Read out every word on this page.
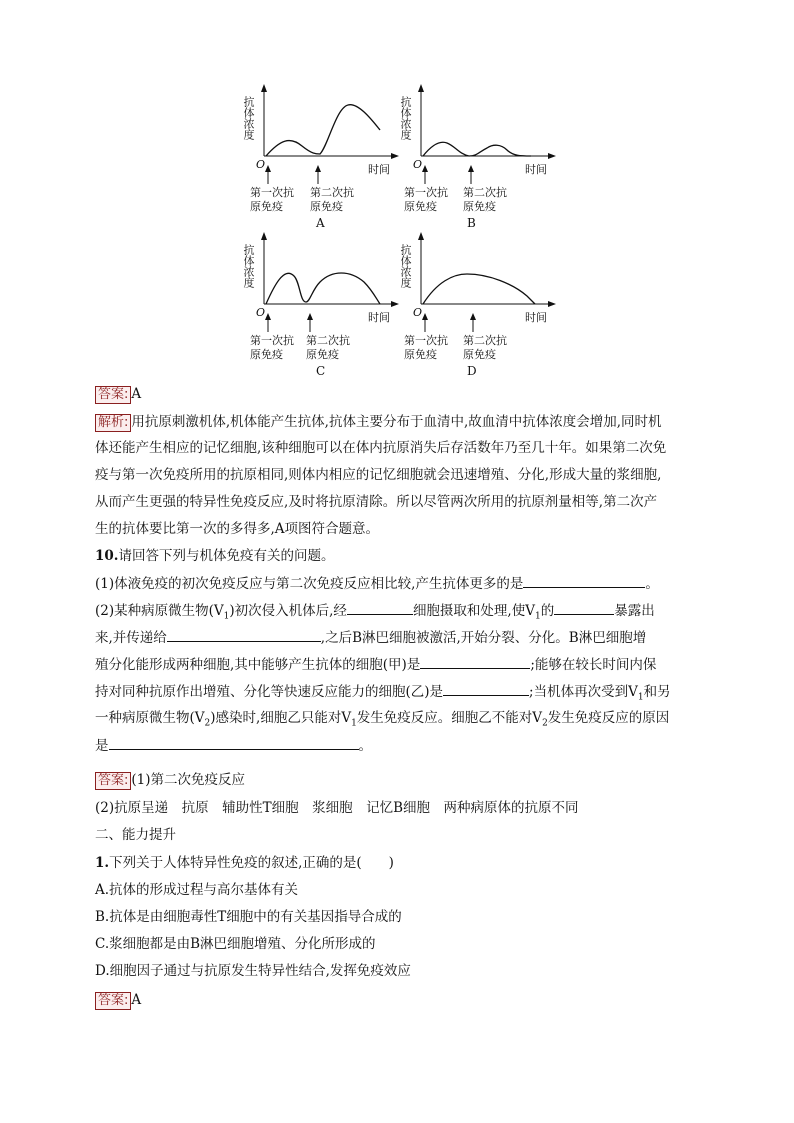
抗体浓度
O	时间
第一次抗
原免疫
第二次抗
原免疫
A
抗体浓度
O	时间
第一次抗
原免疫
第二次抗
原免疫
B
抗体浓度
O	时间
第一次抗
原免疫
第二次抗
原免疫
C
抗体浓度
O	时间
第一次抗
原免疫
第二次抗
原免疫
D
答案: A
解析: 用抗原刺激机体,机体能产生抗体,抗体主要分布于血清中,故血清中抗体浓度会增加,同时机
体还能产生相应的记忆细胞,该种细胞可以在体内抗原消失后存活数年乃至几十年。如果第二次免
疫与第一次免疫所用的抗原相同,则体内相应的记忆细胞就会迅速增殖、分化,形成大量的浆细胞,
从而产生更强的特异性免疫反应,及时将抗原清除。所以尽管两次所用的抗原剂量相等,第二次产
生的抗体要比第一次的多得多,A项图符合题意。
10.请回答下列与机体免疫有关的问题。
(1)体液免疫的初次免疫反应与第二次免疫反应相比较,产生抗体更多的是	。
(2)某种病原微生物$(V_1)$初次侵入机体后,经	细胞摄取和处理,使$V_1$的	暴露出
来,并传递给	,之后B淋巴细胞被激活,开始分裂、分化。B淋巴细胞增
殖分化能形成两种细胞,其中能够产生抗体的细胞(甲)是	;能够在较长时间内保
持对同种抗原作出增殖、分化等快速反应能力的细胞(乙)是	;当机体再次受到$V_1$和另
一种病原微生物$(V_2)$感染时,细胞乙只能对$V_1$发生免疫反应。细胞乙不能对$V_2$发生免疫反应的原因
是	。
答案: (1)第二次免疫反应
(2)抗原呈递　抗原　辅助性T细胞　浆细胞　记忆B细胞　两种病原体的抗原不同
二、能力提升
1.下列关于人体特异性免疫的叙述,正确的是(　　)
A.抗体的形成过程与高尔基体有关
B.抗体是由细胞毒性T细胞中的有关基因指导合成的
C.浆细胞都是由B淋巴细胞增殖、分化所形成的
D.细胞因子通过与抗原发生特异性结合,发挥免疫效应
答案: A
